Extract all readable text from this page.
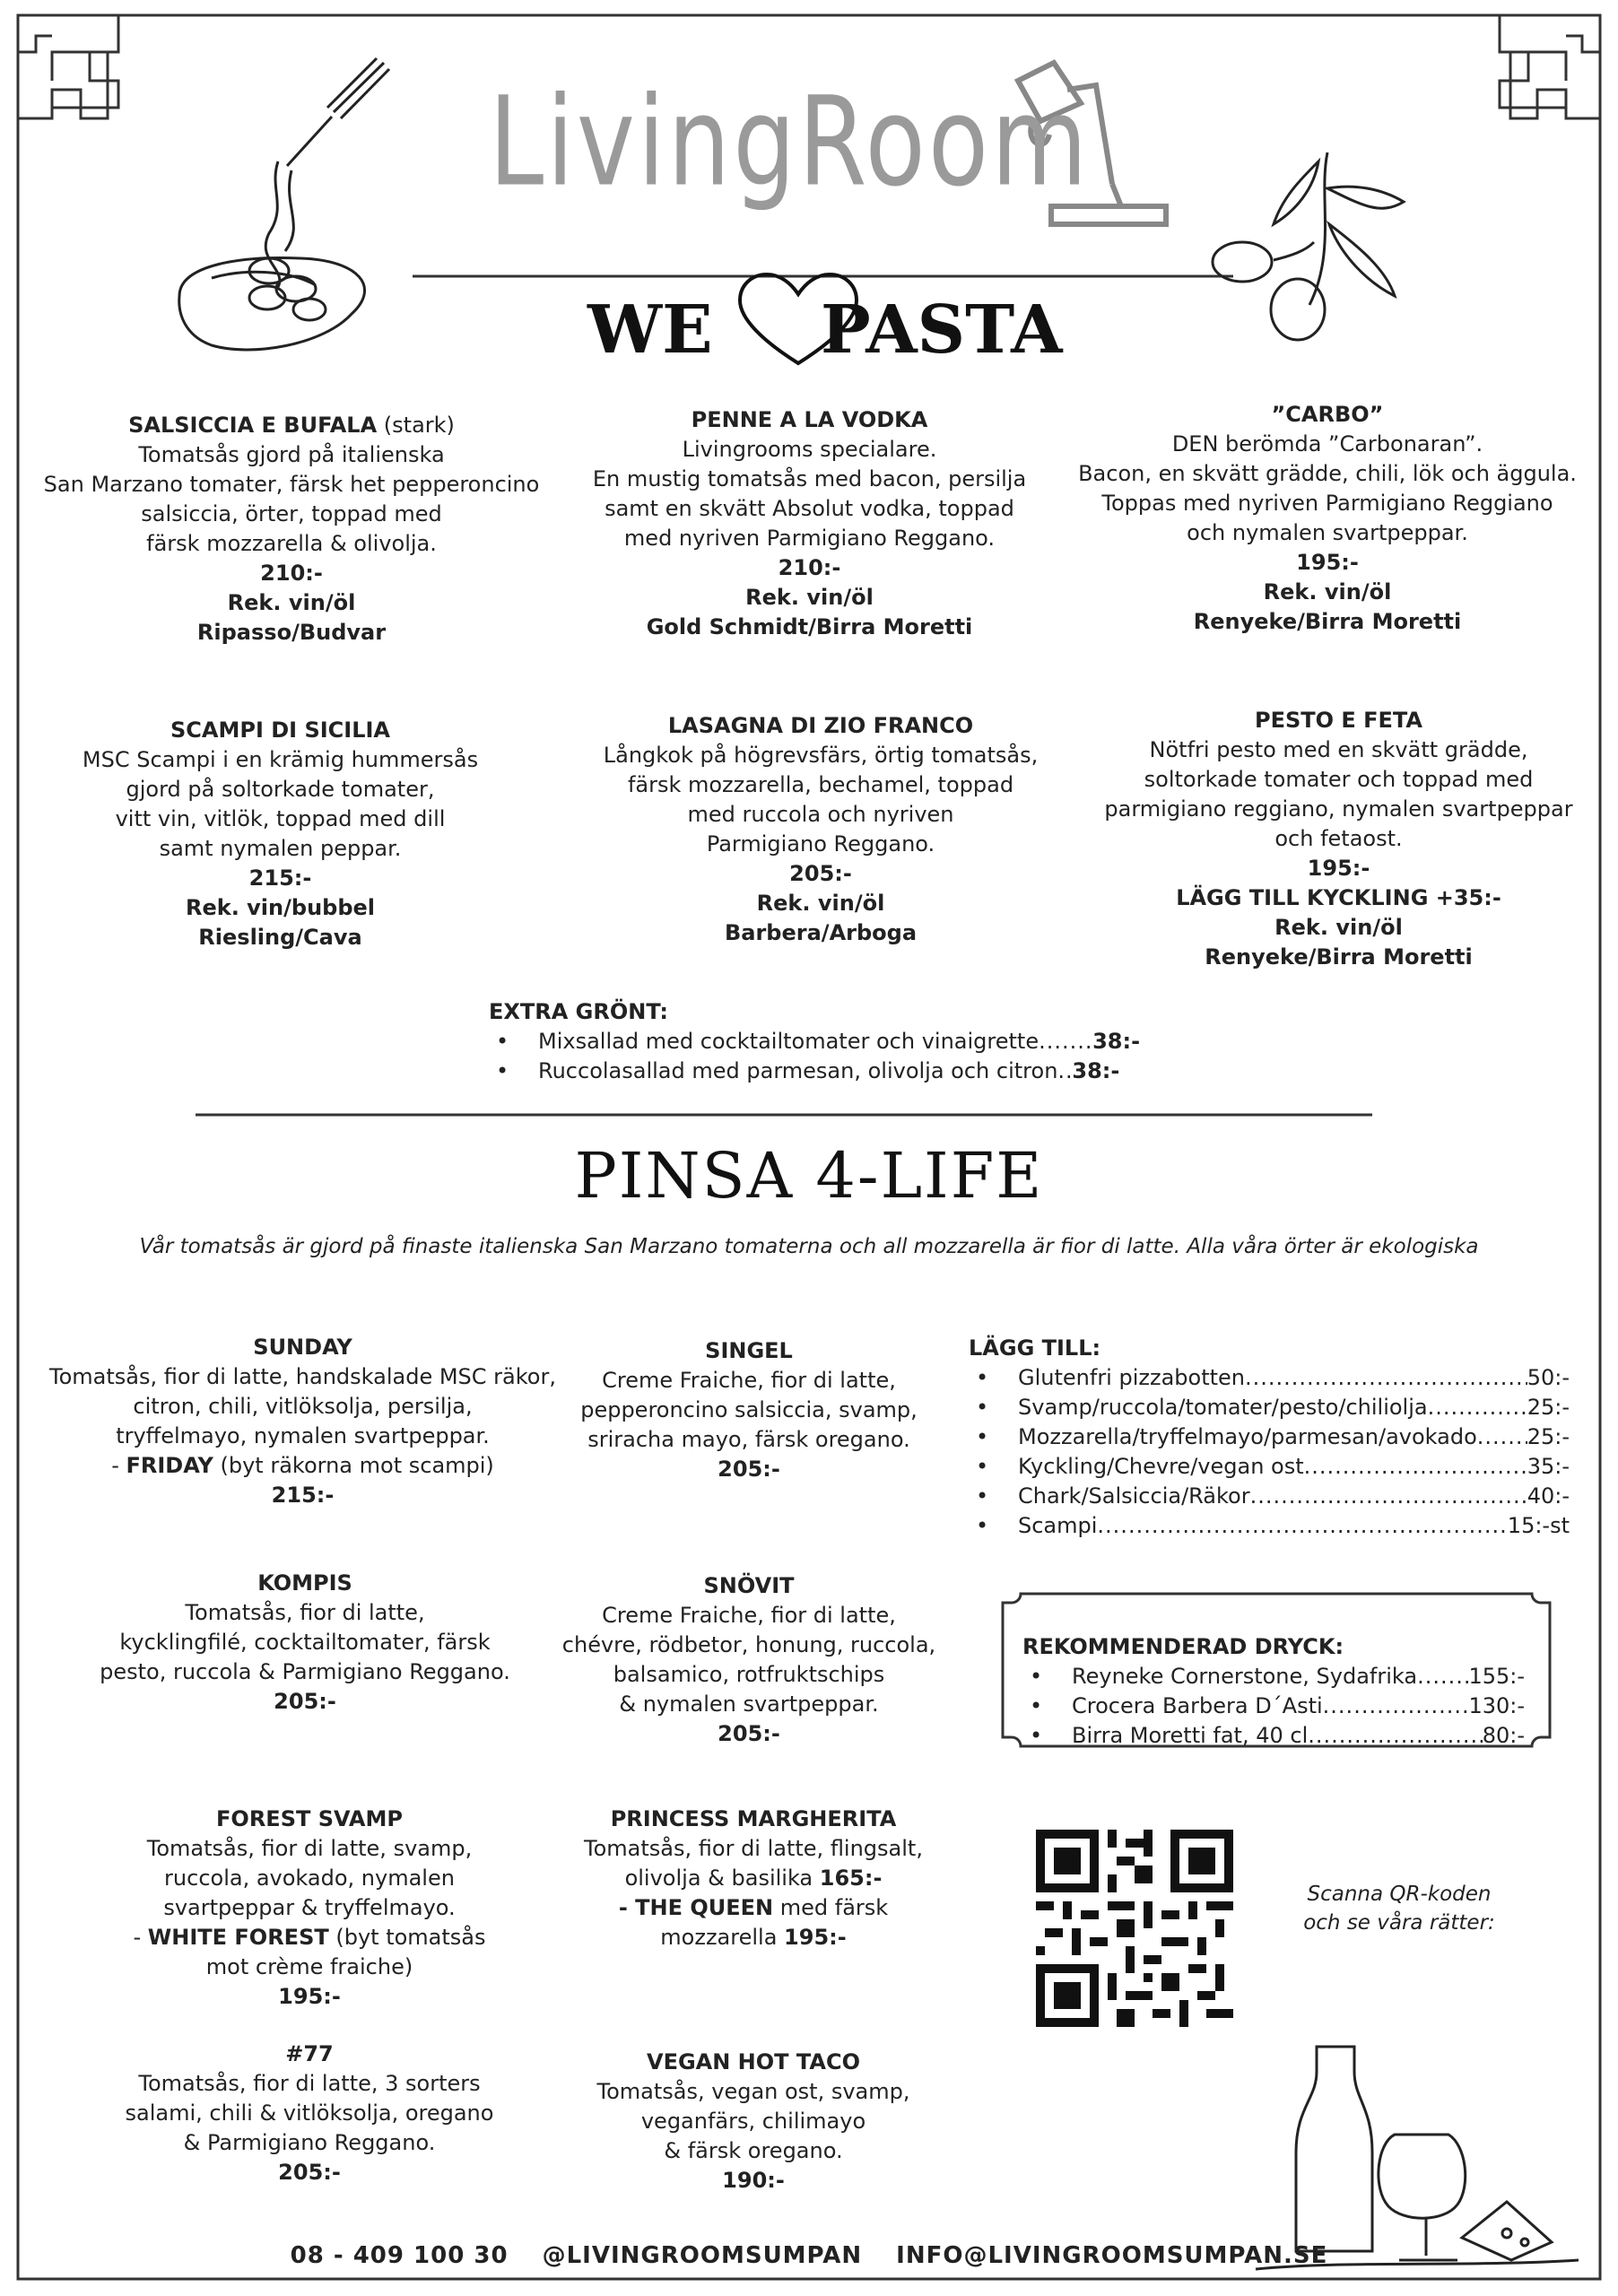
LivingRoom
WE PASTA
SALSICCIA E BUFALA (stark)
Tomatsås gjord på italienska
San Marzano tomater, färsk het pepperoncino
salsiccia, örter, toppad med
färsk mozzarella & olivolja.
210:-
Rek. vin/öl
Ripasso/Budvar
PENNE A LA VODKA
Livingrooms specialare.
En mustig tomatsås med bacon, persilja
samt en skvätt Absolut vodka, toppad
med nyriven Parmigiano Reggano.
210:-
Rek. vin/öl
Gold Schmidt/Birra Moretti
”CARBO”
DEN berömda ”Carbonaran”.
Bacon, en skvätt grädde, chili, lök och äggula.
Toppas med nyriven Parmigiano Reggiano
och nymalen svartpeppar.
195:-
Rek. vin/öl
Renyeke/Birra Moretti
SCAMPI DI SICILIA
MSC Scampi i en krämig hummersås
gjord på soltorkade tomater,
vitt vin, vitlök, toppad med dill
samt nymalen peppar.
215:-
Rek. vin/bubbel
Riesling/Cava
LASAGNA DI ZIO FRANCO
Långkok på högrevsfärs, örtig tomatsås,
färsk mozzarella, bechamel, toppad
med ruccola och nyriven
Parmigiano Reggano.
205:-
Rek. vin/öl
Barbera/Arboga
PESTO E FETA
Nötfri pesto med en skvätt grädde,
soltorkade tomater och toppad med
parmigiano reggiano, nymalen svartpeppar
och fetaost.
195:-
LÄGG TILL KYCKLING +35:-
Rek. vin/öl
Renyeke/Birra Moretti
EXTRA GRÖNT:
• Mixsallad med cocktailtomater och vinaigrette .....	38:-
• Ruccolasallad med parmesan, olivolja och citron ..... 38:-
PINSA 4-LIFE
Vår tomatsås är gjord på finaste italienska San Marzano tomaterna och all mozzarella är fior di latte. Alla våra örter är ekologiska
SUNDAY
Tomatsås, fior di latte, handskalade MSC räkor,
citron, chili, vitlöksolja, persilja,
tryffelmayo, nymalen svartpeppar.
- FRIDAY (byt räkorna mot scampi)
215:-
SINGEL
Creme Fraiche, fior di latte,
pepperoncino salsiccia, svamp,
sriracha mayo, färsk oregano.
205:-
KOMPIS
Tomatsås, fior di latte,
kycklingfilé, cocktailtomater, färsk
pesto, ruccola & Parmigiano Reggano.
205:-
SNÖVIT
Creme Fraiche, fior di latte,
chévre, rödbetor, honung, ruccola,
balsamico, rotfruktschips
& nymalen svartpeppar.
205:-
FOREST SVAMP
Tomatsås, fior di latte, svamp,
ruccola, avokado, nymalen
svartpeppar & tryffelmayo.
- WHITE FOREST (byt tomatsås
mot crème fraiche)
195:-
PRINCESS MARGHERITA
Tomatsås, fior di latte, flingsalt,
olivolja & basilika 165:-
- THE QUEEN med färsk
mozzarella 195:-
#77
Tomatsås, fior di latte, 3 sorters
salami, chili & vitlöksolja, oregano
& Parmigiano Reggano.
205:-
VEGAN HOT TACO
Tomatsås, vegan ost, svamp,
veganfärs, chilimayo
& färsk oregano.
190:-
LÄGG TILL:
• Glutenfri pizzabotten .....	50:-
• Svamp/ruccola/tomater/pesto/chiliolja .....	25:-
• Mozzarella/tryffelmayo/parmesan/avokado ..... 25:-
• Kyckling/Chevre/vegan ost .....	35:-
• Chark/Salsiccia/Räkor .....	40:-
• Scampi .....	15:-st
REKOMMENDERAD DRYCK:
• Reyneke Cornerstone, Sydafrika ..... 155:-
• Crocera Barbera D´Asti .....	130:-
• Birra Moretti fat, 40 cl .....	80:-
Scanna QR-koden
och se våra rätter:
08 - 409 100 30 @LIVINGROOMSUMPAN INFO@LIVINGROOMSUMPAN.SE
